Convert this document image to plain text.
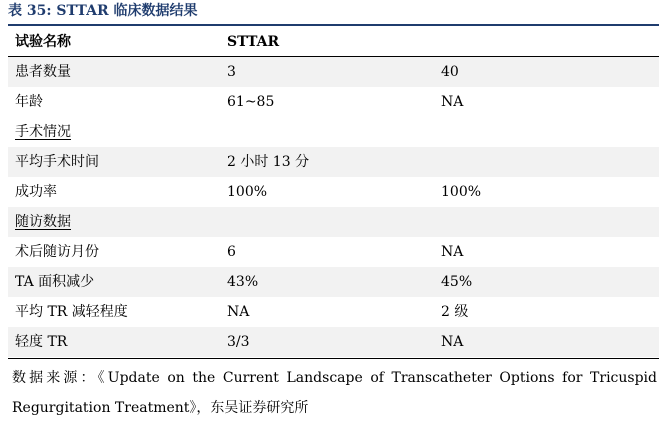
表 35: STTAR 临床数据结果
试验名称	STTAR
患者数量	3	40
年龄	61~85	NA
手术情况
平均手术时间	2 小时 13 分
成功率	100%	100%
随访数据
术后随访月份	6	NA
TA 面积减少	43%	45%
平均 TR 减轻程度	NA	2 级
轻度 TR	3/3	NA
数据来源：《Update on the Current Landscape of Transcatheter Options for Tricuspid
Regurgitation Treatment》，东吴证券研究所
